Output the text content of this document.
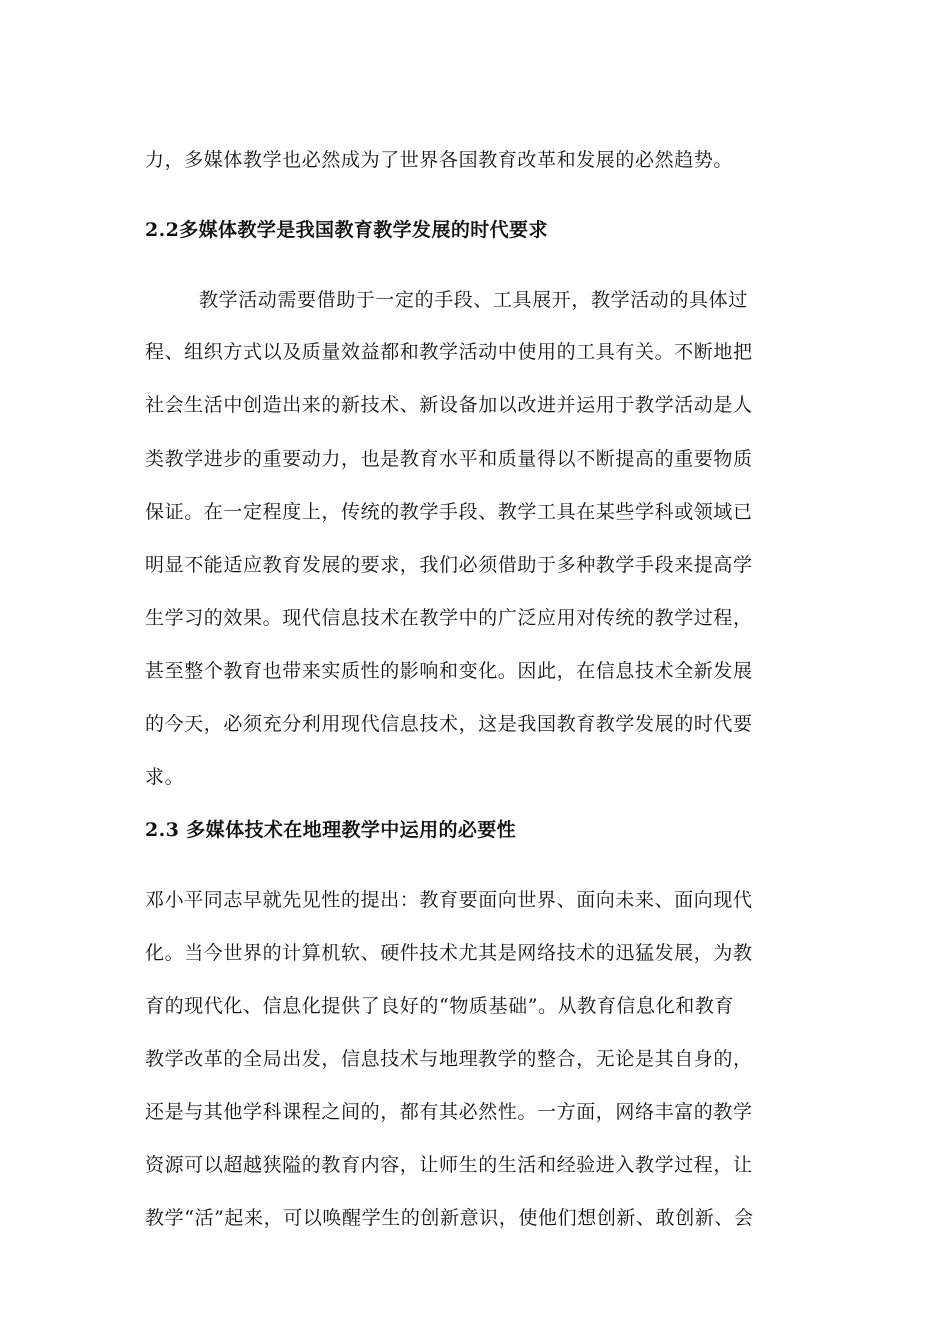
力，多媒体教学也必然成为了世界各国教育改革和发展的必然趋势。
2.2多媒体教学是我国教育教学发展的时代要求
教学活动需要借助于一定的手段、工具展开，教学活动的具体过
程、组织方式以及质量效益都和教学活动中使用的工具有关。不断地把
社会生活中创造出来的新技术、新设备加以改进并运用于教学活动是人
类教学进步的重要动力，也是教育水平和质量得以不断提高的重要物质
保证。在一定程度上，传统的教学手段、教学工具在某些学科或领域已
明显不能适应教育发展的要求，我们必须借助于多种教学手段来提高学
生学习的效果。现代信息技术在教学中的广泛应用对传统的教学过程，
甚至整个教育也带来实质性的影响和变化。因此，在信息技术全新发展
的今天，必须充分利用现代信息技术，这是我国教育教学发展的时代要
求。
2.3 多媒体技术在地理教学中运用的必要性
邓小平同志早就先见性的提出：教育要面向世界、面向未来、面向现代
化。当今世界的计算机软、硬件技术尤其是网络技术的迅猛发展，为教
育的现代化、信息化提供了良好的“物质基础”。从教育信息化和教育
教学改革的全局出发，信息技术与地理教学的整合，无论是其自身的，
还是与其他学科课程之间的，都有其必然性。一方面，网络丰富的教学
资源可以超越狭隘的教育内容，让师生的生活和经验进入教学过程，让
教学“活”起来，可以唤醒学生的创新意识，使他们想创新、敢创新、会
